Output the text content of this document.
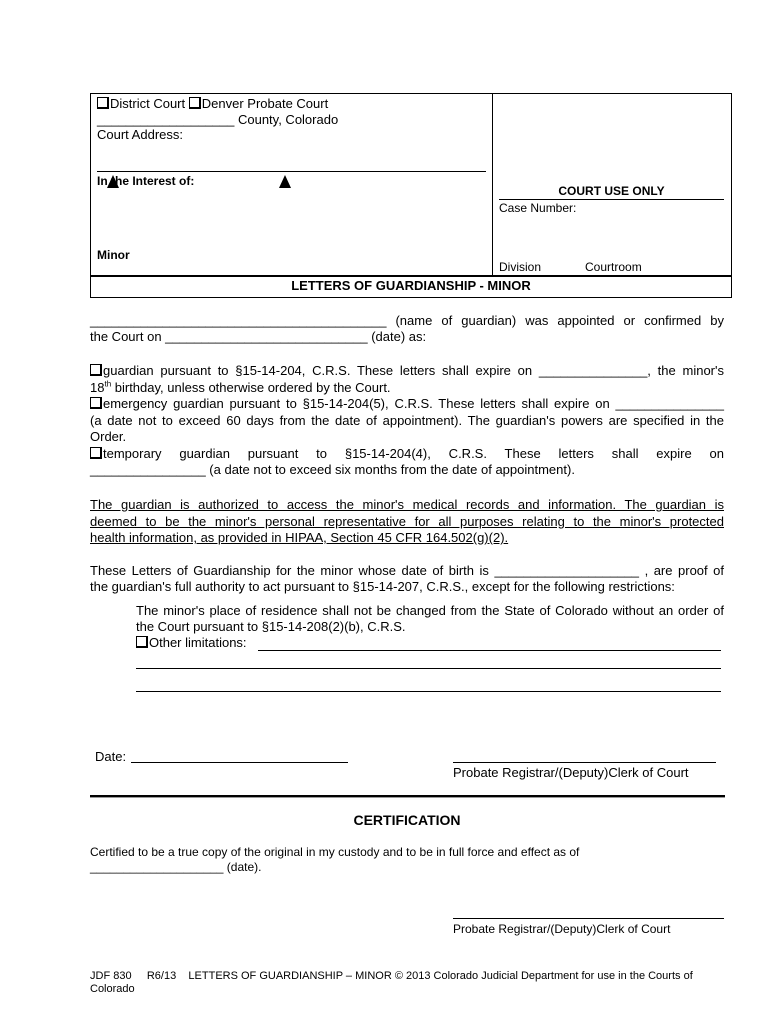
District Court Denver Probate Court
___________________ County, Colorado
Court Address:
In the Interest of:
Minor
COURT USE ONLY
Case Number:
Division	Courtroom
LETTERS OF GUARDIANSHIP - MINOR

_________________________________________ (name of guardian) was appointed or confirmed by

the Court on ____________________________ (date) as:

guardian pursuant to §15-14-204, C.R.S. These letters shall expire on _______________, the minor's

18th birthday, unless otherwise ordered by the Court.

emergency guardian pursuant to §15-14-204(5), C.R.S. These letters shall expire on _______________

(a date not to exceed 60 days from the date of appointment). The guardian's powers are specified in the

Order.

temporary guardian pursuant to §15-14-204(4), C.R.S. These letters shall expire on

________________ (a date not to exceed six months from the date of appointment).

The guardian is authorized to access the minor's medical records and information. The guardian is

deemed to be the minor's personal representative for all purposes relating to the minor's protected

health information, as provided in HIPAA, Section 45 CFR 164.502(g)(2).

These Letters of Guardianship for the minor whose date of birth is ____________________ , are proof of

the guardian's full authority to act pursuant to §15-14-207, C.R.S., except for the following restrictions:

The minor's place of residence shall not be changed from the State of Colorado without an order of

the Court pursuant to §15-14-208(2)(b), C.R.S.

Other limitations:

Date:
Probate Registrar/(Deputy)Clerk of Court
CERTIFICATION

Certified to be a true copy of the original in my custody and to be in full force and effect as of

____________________ (date).

Probate Registrar/(Deputy)Clerk of Court

JDF 830     R6/13    LETTERS OF GUARDIANSHIP – MINOR © 2013 Colorado Judicial Department for use in the Courts of

Colorado
